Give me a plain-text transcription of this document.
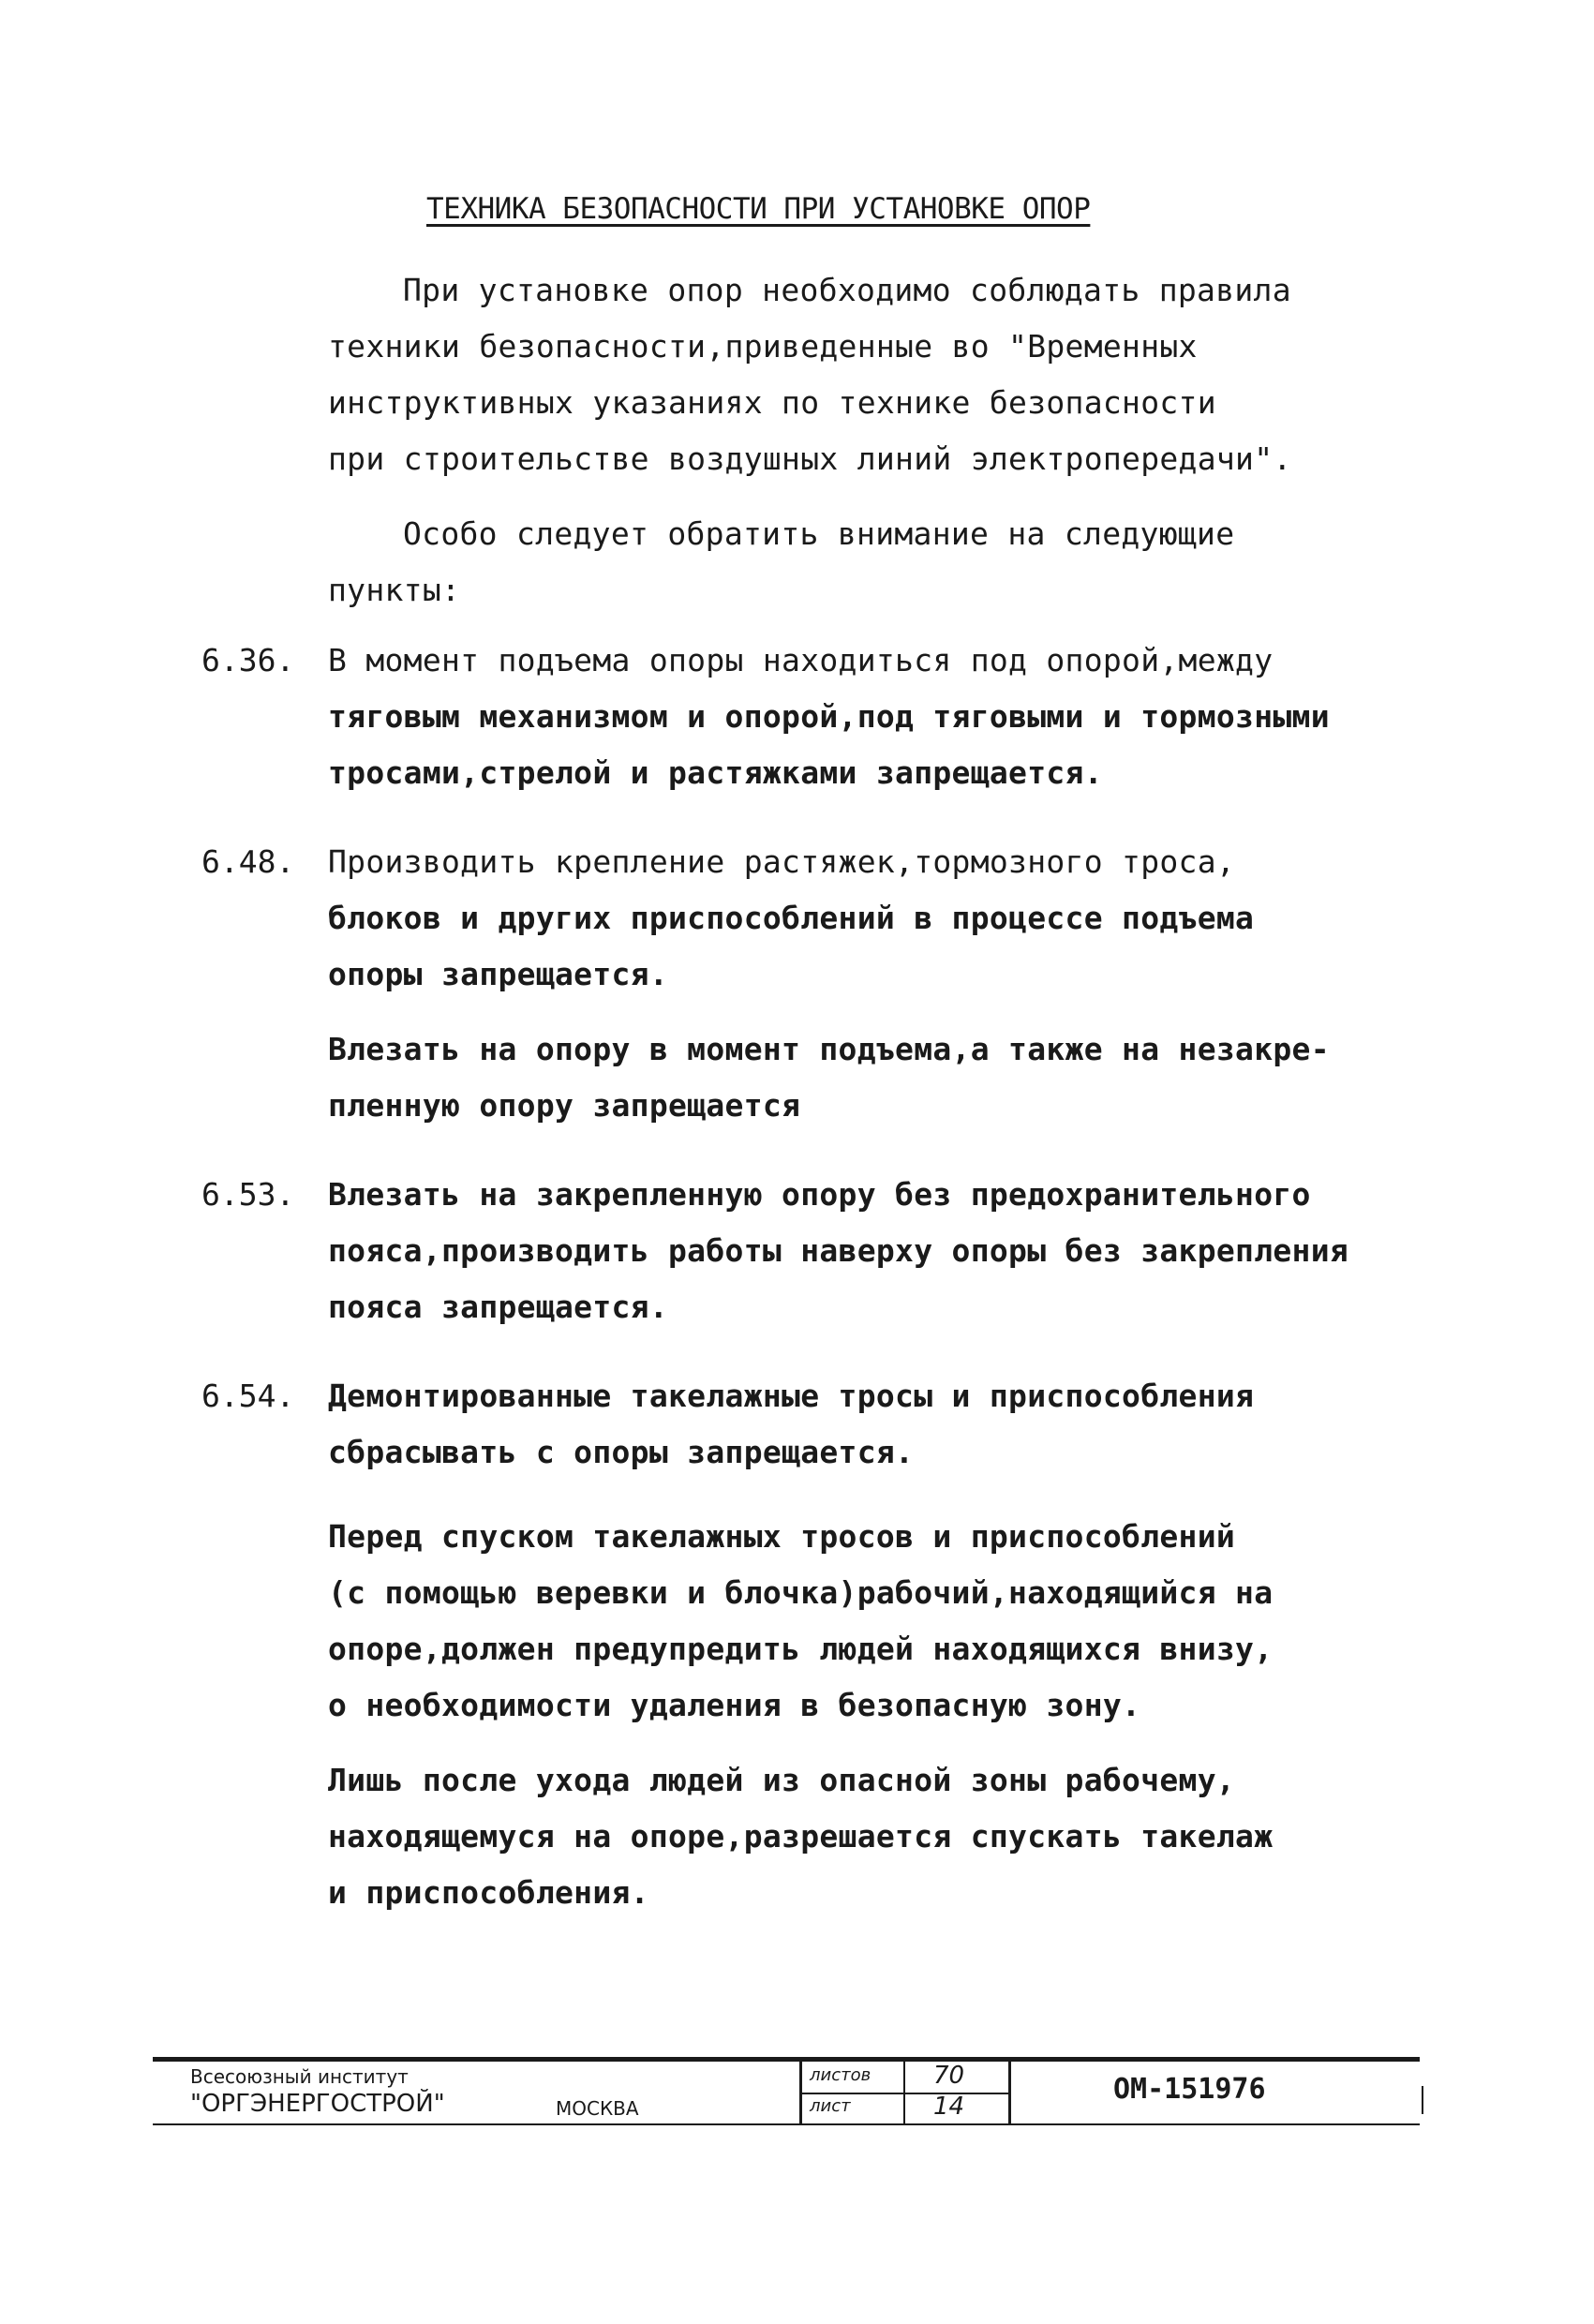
ТЕХНИКА БЕЗОПАСНОСТИ ПРИ УСТАНОВКЕ ОПОР
При установке опор необходимо соблюдать правила
техники безопасности,приведенные во "Временных
инструктивных указаниях по технике безопасности
при строительстве воздушных линий электропередачи".
Особо следует обратить внимание на следующие
пункты:
6.36. В момент подъема опоры находиться под опорой,между
тяговым механизмом и опорой,под тяговыми и тормозными
тросами,стрелой и растяжками запрещается.
6.48. Производить крепление растяжек,тормозного троса,
блоков и других приспособлений в процессе подъема
опоры запрещается.
Влезать на опору в момент подъема,а также на незакре-
пленную опору запрещается
6.53. Влезать на закрепленную опору без предохранительного
пояса,производить работы наверху опоры без закрепления
пояса запрещается.
6.54. Демонтированные такелажные тросы и приспособления
сбрасывать с опоры запрещается.
Перед спуском такелажных тросов и приспособлений
(с помощью веревки и блочка)рабочий,находящийся на
опоре,должен предупредить людей находящихся внизу,
о необходимости удаления в безопасную зону.
Лишь после ухода людей из опасной зоны рабочему,
находящемуся на опоре,разрешается спускать такелаж
и приспособления.
Всесоюзный институт
"ОРГЭНЕРГОСТРОЙ"	МОСКВА
листов	70
лист	14
ОМ-151976
